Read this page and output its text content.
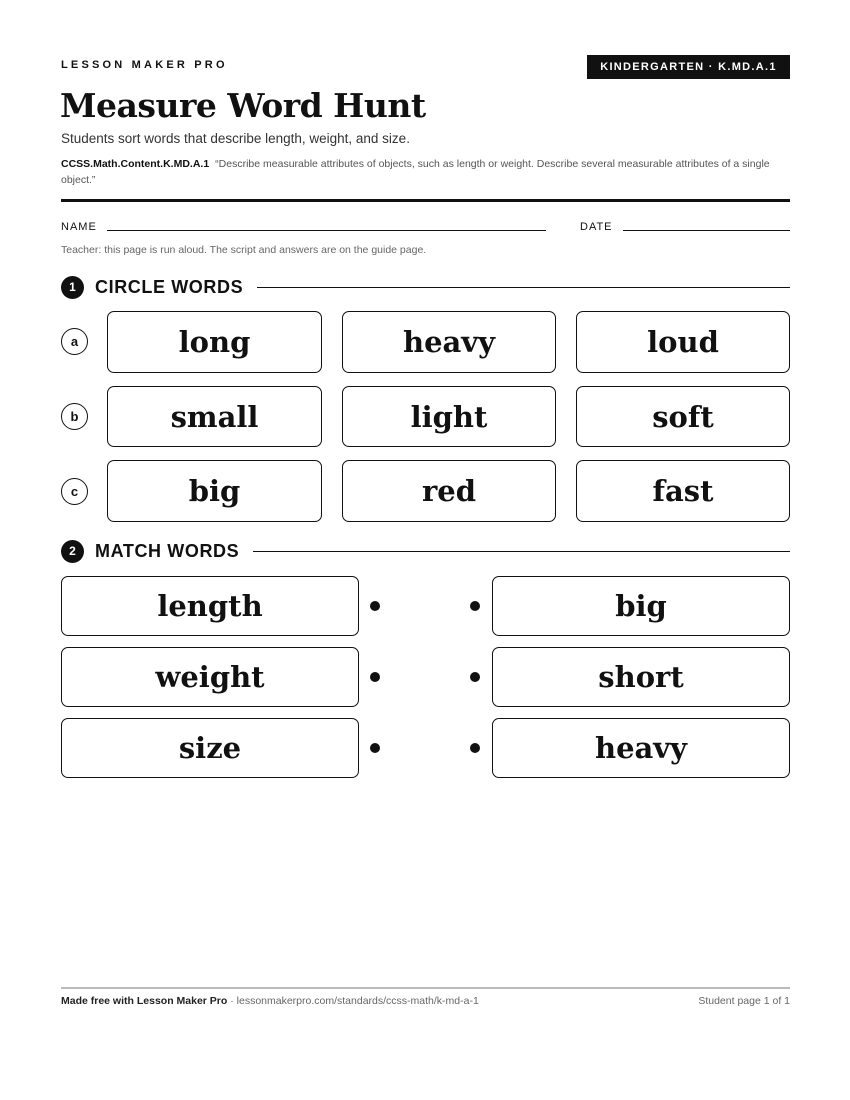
LESSON MAKER PRO	KINDERGARTEN · K.MD.A.1
Measure Word Hunt
Students sort words that describe length, weight, and size.
CCSS.Math.Content.K.MD.A.1 “Describe measurable attributes of objects, such as length or weight. Describe several measurable attributes of a single object.”
NAME	DATE
Teacher: this page is run aloud. The script and answers are on the guide page.
1	CIRCLE WORDS
a	long	heavy	loud
b	small	light	soft
c	big	red	fast
2	MATCH WORDS
length	big
weight	short
size	heavy
Made free with Lesson Maker Pro · lessonmakerpro.com/standards/ccss-math/k-md-a-1	Student page 1 of 1
